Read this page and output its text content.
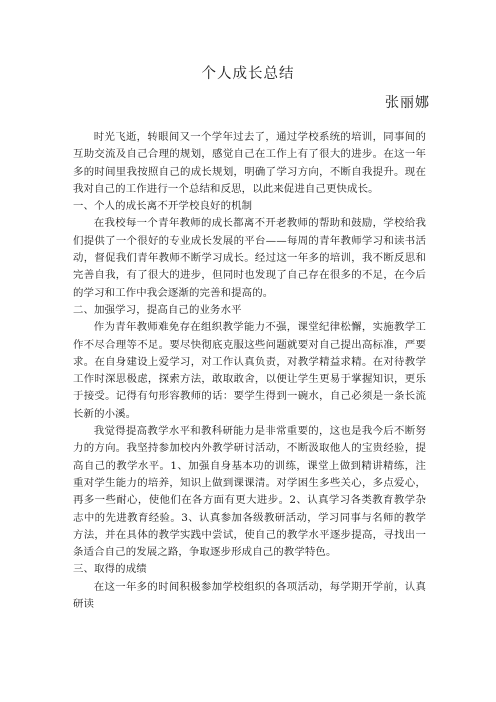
个人成长总结
张丽娜

时光飞逝，转眼间又一个学年过去了，通过学校系统的培训，同事间的互助交流及自己合理的规划，感觉自己在工作上有了很大的进步。在这一年多的时间里我按照自己的成长规划，明确了学习方向，不断自我提升。现在我对自己的工作进行一个总结和反思，以此来促进自己更快成长。

一、个人的成长离不开学校良好的机制

在我校每一个青年教师的成长都离不开老教师的帮助和鼓励，学校给我们提供了一个很好的专业成长发展的平台——每周的青年教师学习和读书活动，督促我们青年教师不断学习成长。经过这一年多的培训，我不断反思和完善自我，有了很大的进步，但同时也发现了自己存在很多的不足，在今后的学习和工作中我会逐渐的完善和提高的。

二、加强学习，提高自己的业务水平

作为青年教师难免存在组织教学能力不强，课堂纪律松懈，实施教学工作不尽合理等不足。要尽快彻底克服这些问题就要对自己提出高标准，严要求。在自身建设上爱学习，对工作认真负责，对教学精益求精。在对待教学工作时深思极虑，探索方法，敢取敢舍，以便让学生更易于掌握知识，更乐于接受。记得有句形容教师的话：要学生得到一碗水，自己必须是一条长流长新的小溪。

我觉得提高教学水平和教科研能力是非常重要的，这也是我今后不断努力的方向。我坚持参加校内外教学研讨活动，不断汲取他人的宝贵经验，提高自己的教学水平。1、加强自身基本功的训练，课堂上做到精讲精练，注重对学生能力的培养，知识上做到课课清。对学困生多些关心，多点爱心，再多一些耐心，使他们在各方面有更大进步。2、认真学习各类教育教学杂志中的先进教育经验。3、认真参加各级教研活动，学习同事与名师的教学方法，并在具体的教学实践中尝试，使自己的教学水平逐步提高，寻找出一条适合自己的发展之路，争取逐步形成自己的教学特色。

三、取得的成绩

在这一年多的时间积极参加学校组织的各项活动，每学期开学前，认真研读
